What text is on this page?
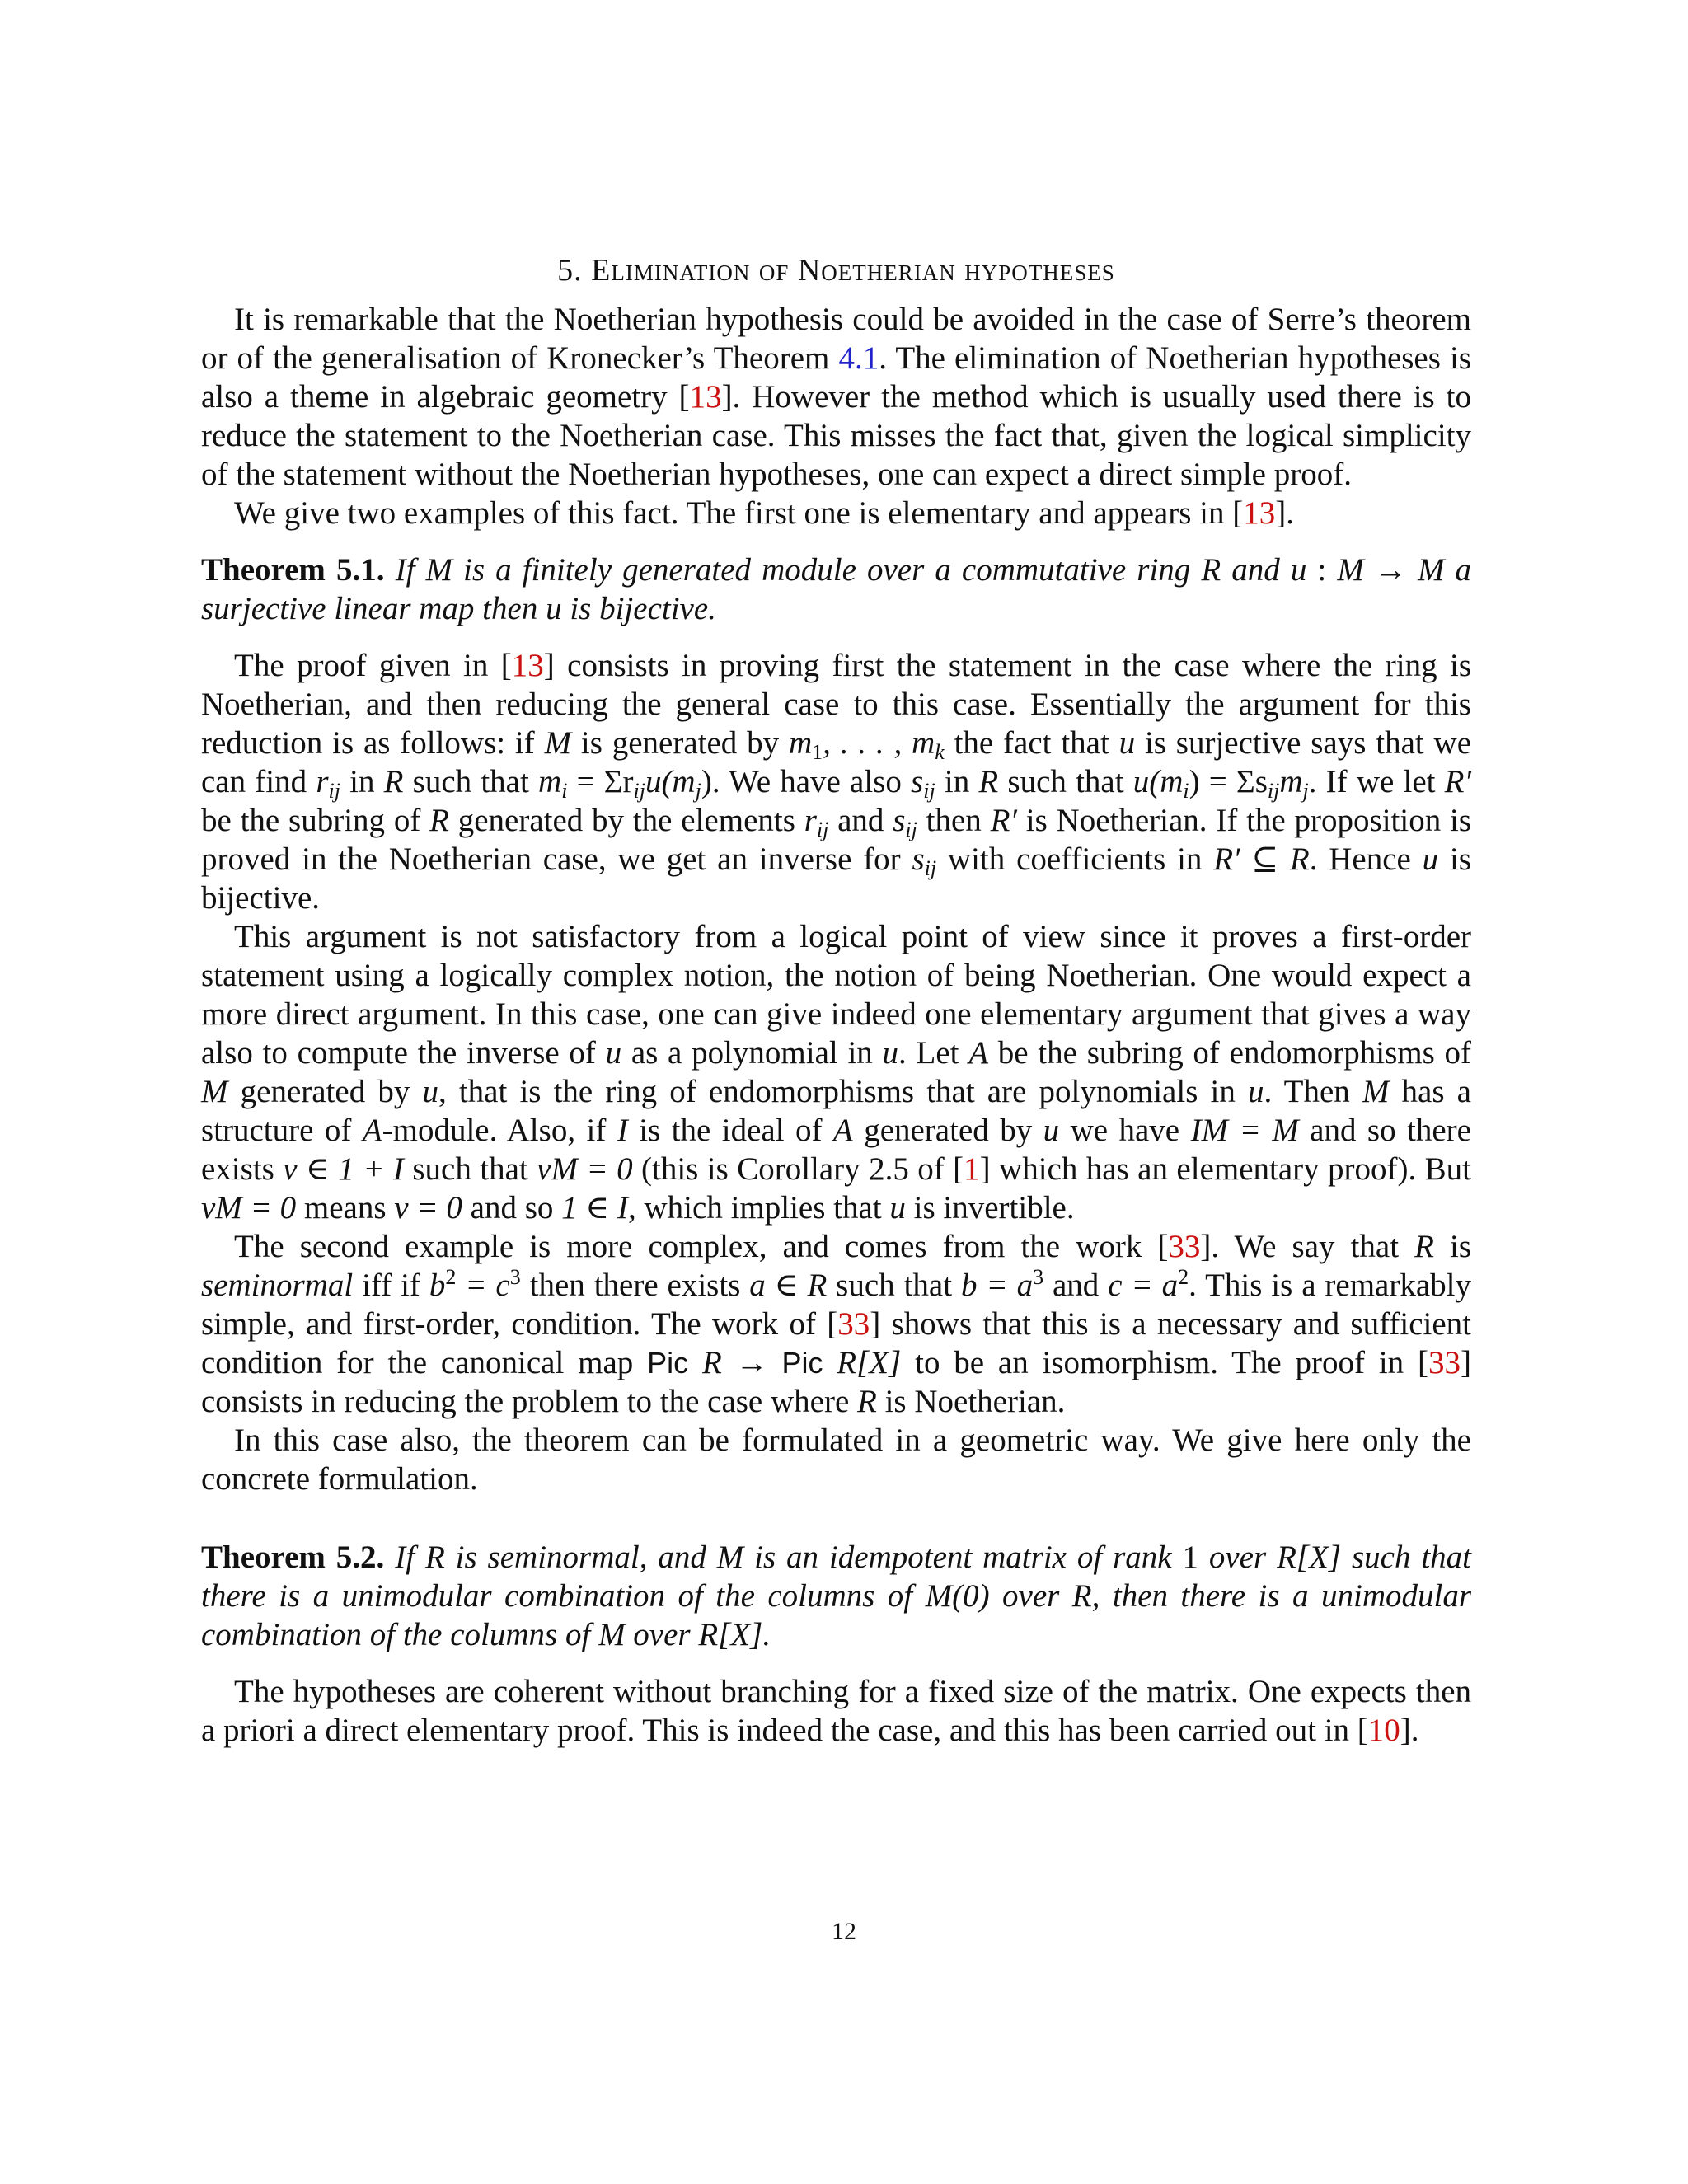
5. Elimination of Noetherian hypotheses

It is remarkable that the Noetherian hypothesis could be avoided in the case of Serre’s theorem or of the generalisation of Kronecker’s Theorem 4.1. The elimination of Noetherian hypotheses is also a theme in algebraic geometry [13]. However the method which is usually used there is to reduce the statement to the Noetherian case. This misses the fact that, given the logical simplicity of the statement without the Noetherian hypotheses, one can expect a direct simple proof.

We give two examples of this fact. The first one is elementary and appears in [13].

Theorem 5.1. If M is a finitely generated module over a commutative ring R and u : M → M a surjective linear map then u is bijective.

The proof given in [13] consists in proving first the statement in the case where the ring is Noetherian, and then reducing the general case to this case. Essentially the argument for this reduction is as follows: if M is generated by $m_1$, . . . , $m_k$ the fact that u is surjective says that we can find $r_{ij}$ in R such that $m_i = \Sigma r_{ij}u(m_j)$. We have also $s_{ij}$ in R such that $u(m_i) = \Sigma s_{ij}m_j$. If we let R′ be the subring of R generated by the elements $r_{ij}$ and $s_{ij}$ then R′ is Noetherian. If the proposition is proved in the Noetherian case, we get an inverse for $s_{ij}$ with coefficients in R′ ⊆ R. Hence u is bijective.

This argument is not satisfactory from a logical point of view since it proves a first-order statement using a logically complex notion, the notion of being Noetherian. One would expect a more direct argument. In this case, one can give indeed one elementary argument that gives a way also to compute the inverse of u as a polynomial in u. Let A be the subring of endomorphisms of M generated by u, that is the ring of endomorphisms that are polynomials in u. Then M has a structure of A-module. Also, if I is the ideal of A generated by u we have IM = M and so there exists v ∈ 1 + I such that vM = 0 (this is Corollary 2.5 of [1] which has an elementary proof). But vM = 0 means v = 0 and so 1 ∈ I, which implies that u is invertible.

The second example is more complex, and comes from the work [33]. We say that R is seminormal iff if $b^2 = c^3$ then there exists a ∈ R such that $b = a^3$ and $c = a^2$. This is a remarkably simple, and first-order, condition. The work of [33] shows that this is a necessary and sufficient condition for the canonical map Pic R → Pic R[X] to be an isomorphism. The proof in [33] consists in reducing the problem to the case where R is Noetherian.

In this case also, the theorem can be formulated in a geometric way. We give here only the concrete formulation.

Theorem 5.2. If R is seminormal, and M is an idempotent matrix of rank 1 over R[X] such that there is a unimodular combination of the columns of M(0) over R, then there is a unimodular combination of the columns of M over R[X].

The hypotheses are coherent without branching for a fixed size of the matrix. One expects then a priori a direct elementary proof. This is indeed the case, and this has been carried out in [10].

12
